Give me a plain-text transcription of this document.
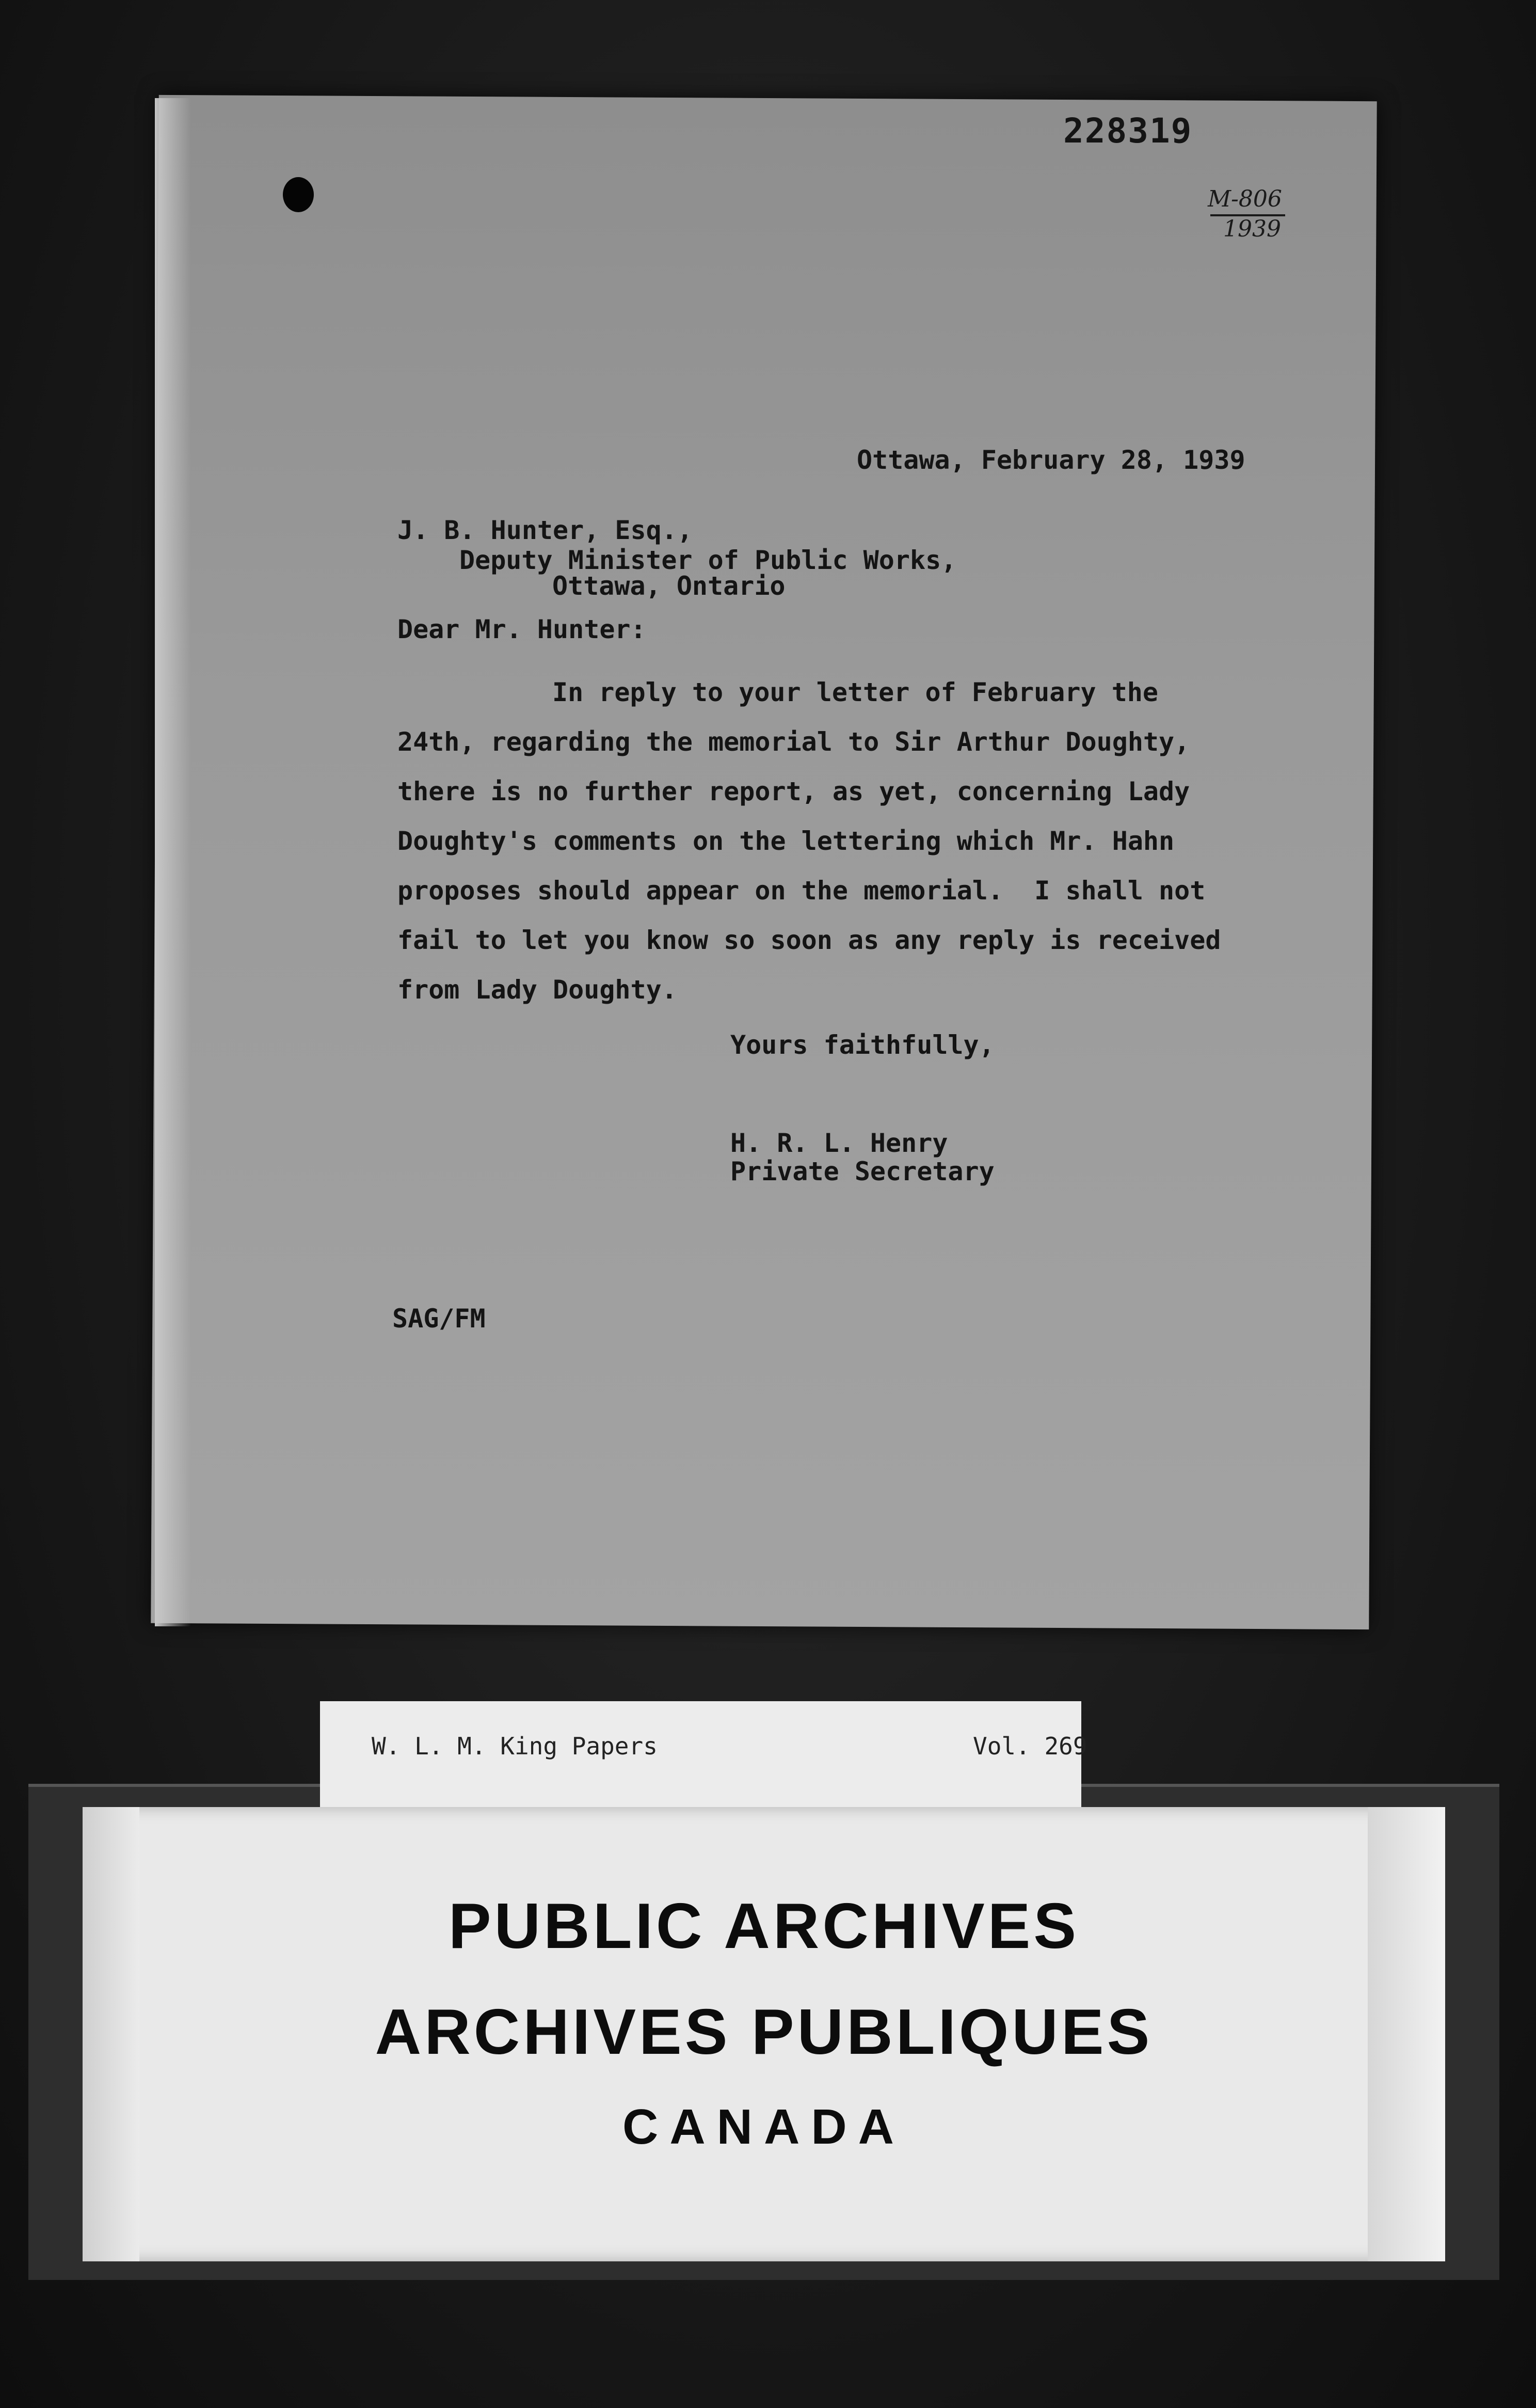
228319
M-806
1939
Ottawa, February 28, 1939
J. B. Hunter, Esq.,
Deputy Minister of Public Works,
Ottawa, Ontario
Dear Mr. Hunter:
In reply to your letter of February the
24th, regarding the memorial to Sir Arthur Doughty,
there is no further report, as yet, concerning Lady
Doughty's comments on the lettering which Mr. Hahn
proposes should appear on the memorial.  I shall not
fail to let you know so soon as any reply is received
from Lady Doughty.
Yours faithfully,
H. R. L. Henry
Private Secretary
SAG/FM
W. L. M. King Papers	Vol. 269
PUBLIC ARCHIVES
ARCHIVES PUBLIQUES
CANADA
